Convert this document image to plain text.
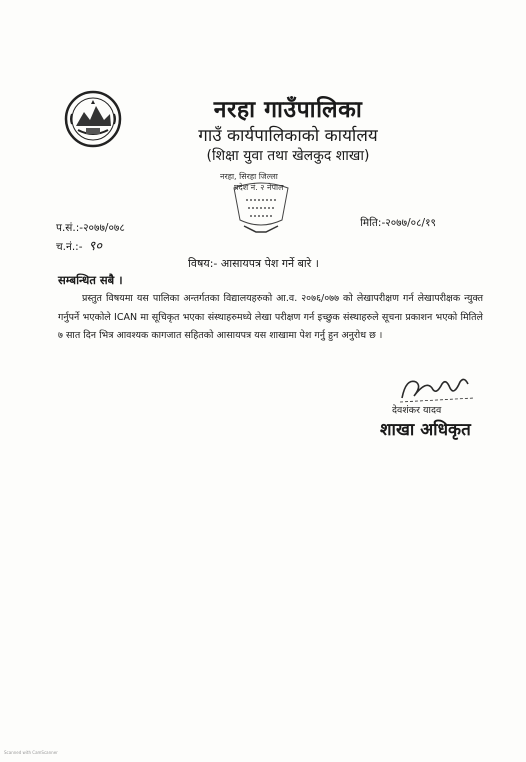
नरहा गाउँपालिका
गाउँ कार्यपालिकाको कार्यालय
(शिक्षा युवा तथा खेलकुद शाखा)
नरहा, सिरहा जिल्ला
प्रदेश नं. २ नेपाल
प.सं.:-२०७७/०७८
च.नं.:- ९०
मिति:-२०७७/०८/१९
विषय:- आसायपत्र पेश गर्ने बारे ।
सम्बन्धित सबै ।
प्रस्तुत विषयमा यस पालिका अन्तर्गतका विद्यालयहरुको आ.व. २०७६/०७७ को लेखापरीक्षण गर्न लेखापरीक्षक न्युक्त गर्नुपर्ने भएकोले ICAN मा सूचिकृत भएका संस्थाहरुमध्ये लेखा परीक्षण गर्न इच्छुक संस्थाहरुले सूचना प्रकाशन भएको मितिले ७ सात दिन भित्र आवश्यक कागजात सहितको आसायपत्र यस शाखामा पेश गर्नु हुन अनुरोध छ ।
देवशंकर यादव
शाखा अधिकृत
Scanned with CamScanner
